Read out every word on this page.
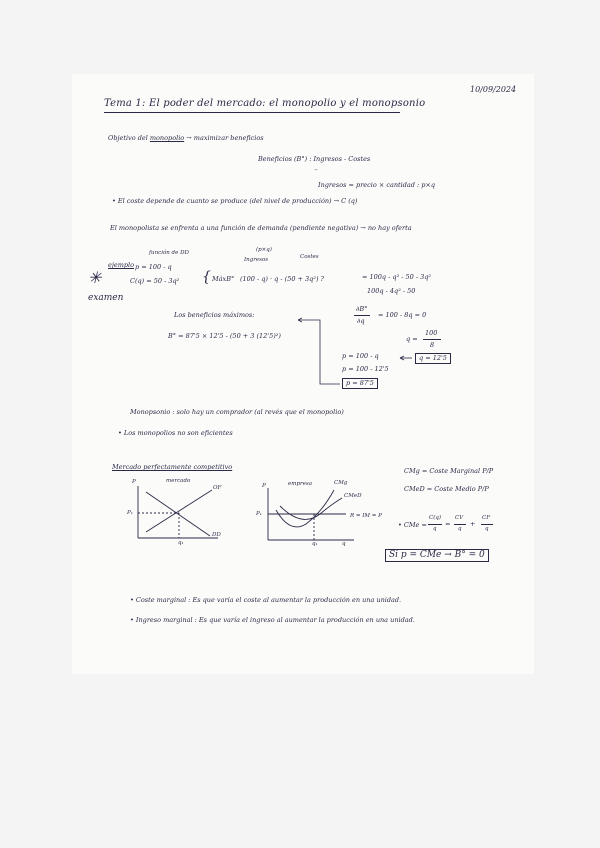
10/09/2024
Tema 1: El poder del mercado: el monopolio y el monopsonio
Objetivo del monopolio → maximizar beneficios
Beneficios (B°) : Ingresos - Costes
⌣
Ingresos = precio × cantidad : p×q
• El coste depende de cuanto se produce (del nivel de producción) → C (q)
El monopolista se enfrenta a una función de demanda (pendiente negativa) → no hay oferta
ejemplo
función de DD
p = 100 - q
C(q) = 50 - 3q² { MáxB° (100 - q) · q - (50 + 3q²) ?
(p×q)
Ingresos	Costes
= 100q - q² - 50 - 3q²
100q - 4q² - 50
✳
examen
Los beneficios máximos:
B° = 87'5 × 12'5 - (50 + 3 (12'5)²)
∂B°
∂q
= 100 - 8q = 0
q =
100
8
q = 12'5
p = 100 - q
p = 100 - 12'5
p = 87'5
Monopsonio : solo hay un comprador (al revés que el monopolio)
• Los monopolios no son eficientes
Mercado perfectamente competitivo
mercado
P
P₁
q₁
OF
DD
empresa
P
P₁
q₁	q
CMg
CMeD
R = IM = P
CMg = Coste Marginal P/P
CMeD = Coste Medio P/P
• CMe =
C(q)
q
=
CV
q
+
CF
q
Si p = CMe → B° = 0
• Coste marginal : Es que varía el coste al aumentar la producción en una unidad.
• Ingreso marginal : Es que varía el ingreso al aumentar la producción en una unidad.
